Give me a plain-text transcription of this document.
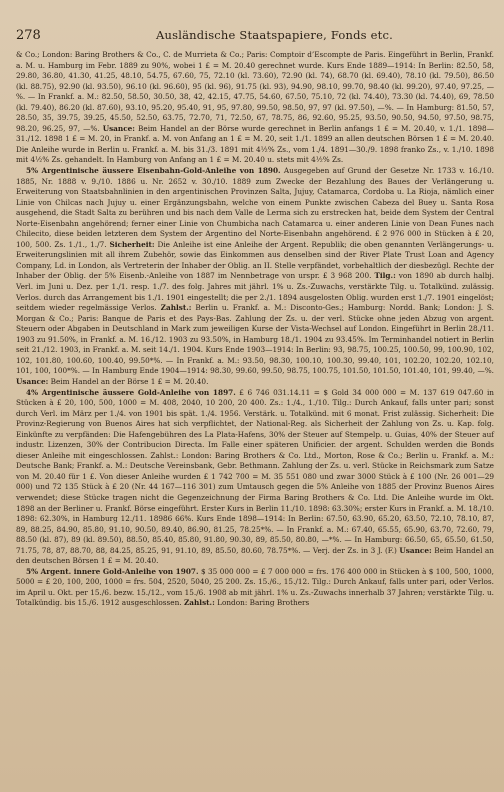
278	Ausländische Staatspapiere, Fonds etc.

& Co.; London: Baring Brothers & Co., C. de Murrieta & Co.; Paris: Comptoir d’Escompte de Paris. Eingeführt in Berlin, Frankf. a. M. u. Hamburg im Febr. 1889 zu 90%, wobei 1 £ = M. 20.40 gerechnet wurde. Kurs Ende 1889—1914: In Berlin: 82.50, 58, 29.80, 36.80, 41.30, 41.25, 48.10, 54.75, 67.60, 75, 72.10 (kl. 73.60), 72.90 (kl. 74), 68.70 (kl. 69.40), 78.10 (kl. 79.50), 86.50 (kl. 88.75), 92.90 (kl. 93.50), 96.10 (kl. 96.60), 95 (kl. 96), 91.75 (kl. 93), 94.90, 98.10, 99.70, 98.40 (kl. 99.20), 97.40, 97.25, —%. — In Frankf. a. M.: 82.50, 58.50, 30.50, 38, 42, 42.15, 47.75, 54.60, 67.50, 75.10, 72 (kl. 74.40), 73.30 (kl. 74.40), 69, 78.50 (kl. 79.40), 86.20 (kl. 87.60), 93.10, 95.20, 95.40, 91, 95, 97.80, 99.50, 98.50, 97, 97 (kl. 97.50), —%. — In Hamburg: 81.50, 57, 28.50, 35, 39.75, 39.25, 45.50, 52.50, 63.75, 72.70, 71, 72.50, 67, 78.75, 86, 92.60, 95.25, 93.50, 90.50, 94.50, 97.50, 98.75, 98.20, 96.25, 97, —%. Usance: Beim Handel an der Börse wurde gerechnet in Berlin anfangs 1 £ = M. 20.40, v. 1./1. 1898—31./12. 1898 1 £ = M. 20, in Frankf. a. M. von Anfang an 1 £ = M. 20, seit 1./1. 1899 an allen deutschen Börsen 1 £ = M. 20.40. Die Anleihe wurde in Berlin u. Frankf. a. M. bis 31./3. 1891 mit 4½% Zs., vom 1./4. 1891—30./9. 1898 franko Zs., v. 1./10. 1898 mit 4½% Zs. gehandelt. In Hamburg von Anfang an 1 £ = M. 20.40 u. stets mit 4½% Zs.

5% Argentinische äussere Eisenbahn-Gold-Anleihe von 1890. Ausgegeben auf Grund der Gesetze Nr. 1733 v. 16./10. 1885, Nr. 1888 v. 9./10. 1886 u. Nr. 2652 v. 30./10. 1889 zum Zwecke der Bezahlung des Baues der Verlängerung u. Erweiterung von Staatsbahnlinien in den argentinischen Provinzen Salta, Jujuy, Catamarca, Cordoba u. La Rioja, nämlich einer Linie von Chilcas nach Jujuy u. einer Ergänzungsbahn, welche von einem Punkte zwischen Cabeza del Buey u. Santa Rosa ausgehend, die Stadt Salta zu berühren und bis nach dem Valle de Lerma sich zu erstrecken hat, beide dem System der Central Norte-Eisenbahn angehörend; ferner einer Linie von Chumbicha nach Catamarca u. einer anderen Linie von Dean Funes nach Chilecito, diese beiden letzteren dem System der Argentino del Norte-Eisenbahn angehörend. £ 2 976 000 in Stücken à £ 20, 100, 500. Zs. 1./1., 1./7. Sicherheit: Die Anleihe ist eine Anleihe der Argent. Republik; die oben genannten Verlängerungs- u. Erweiterungslinien mit all ihrem Zubehör, sowie das Einkommen aus denselben sind der River Plate Trust Loan and Agency Company, Ld. in London, als Vertreterin der Inhaber der Oblig. an II. Stelle verpfändet, vorbehaltlich der diesbezügl. Rechte der Inhaber der Oblig. der 5% Eisenb.-Anleihe von 1887 im Nennbetrage von urspr. £ 3 968 200. Tilg.: von 1890 ab durch halbj. Verl. im Juni u. Dez. per 1./1. resp. 1./7. des folg. Jahres mit jährl. 1% u. Zs.-Zuwachs, verstärkte Tilg. u. Totalkünd. zulässig. Verlos. durch das Arrangement bis 1./1. 1901 eingestellt; die per 2./1. 1894 ausgelosten Oblig. wurden erst 1./7. 1901 eingelöst; seitdem wieder regelmässige Verlos. Zahlst.: Berlin u. Frankf. a. M.: Disconto-Ges.; Hamburg: Nordd. Bank; London: J. S. Morgan & Co.; Paris: Banque de Paris et des Pays-Bas. Zahlung der Zs. u. der verl. Stücke ohne jeden Abzug von argent. Steuern oder Abgaben in Deutschland in Mark zum jeweiligen Kurse der Vista-Wechsel auf London. Eingeführt in Berlin 28./11. 1903 zu 91.50%, in Frankf. a. M. 16./12. 1903 zu 93.50%, in Hamburg 18./1. 1904 zu 93.45%. Im Terminhandel notiert in Berlin seit 21./12. 1903, in Frankf. a. M. seit 14./1. 1904. Kurs Ende 1903—1914: In Berlin: 93, 98.75, 100.25, 100.50, 99, 100.90, 102, 102, 101.80, 100.60, 100.40, 99.50*%. — In Frankf. a. M.: 93.50, 98.30, 100.10, 100.30, 99.40, 101, 102.20, 102.20, 102.10, 101, 100, 100*%. — In Hamburg Ende 1904—1914: 98.30, 99.60, 99.50, 98.75, 100.75, 101.50, 101.50, 101.40, 101, 99.40, —%. Usance: Beim Handel an der Börse 1 £ = M. 20.40.

4% Argentinische äussere Gold-Anleihe von 1897. £ 6 746 031.14.11 = $ Gold 34 000 000 = M. 137 619 047.60 in Stücken à £ 20, 100, 500, 1000 = M. 408, 2040, 10 200, 20 400. Zs.: 1./4., 1./10. Tilg.: Durch Ankauf, falls unter pari; sonst durch Verl. im März per 1./4. von 1901 bis spät. 1./4. 1956. Verstärk. u. Totalkünd. mit 6 monat. Frist zulässig. Sicherheit: Die Provinz-Regierung von Buenos Aires hat sich verpflichtet, der National-Reg. als Sicherheit der Zahlung von Zs. u. Kap. folg. Einkünfte zu verpfänden: Die Hafengebühren des La Plata-Hafens, 30% der Steuer auf Stempelp. u. Guias, 40% der Steuer auf industr. Lizenzen, 30% der Contribucion Directa. Im Falle einer späteren Unificier. der argent. Schulden werden die Bonds dieser Anleihe mit eingeschlossen. Zahlst.: London: Baring Brothers & Co. Ltd., Morton, Rose & Co.; Berlin u. Frankf. a. M.: Deutsche Bank; Frankf. a. M.: Deutsche Vereinsbank, Gebr. Bethmann. Zahlung der Zs. u. verl. Stücke in Reichsmark zum Satze von M. 20.40 für 1 £. Von dieser Anleihe wurden £ 1 742 700 = M. 35 551 080 und zwar 3000 Stück à £ 100 (Nr. 26 001—29 000) und 72 135 Stück à £ 20 (Nr. 44 167—116 301) zum Umtausch gegen die 5% Anleihe von 1885 der Provinz Buenos Aires verwendet; diese Stücke tragen nicht die Gegenzeichnung der Firma Baring Brothers & Co. Ltd. Die Anleihe wurde im Okt. 1898 an der Berliner u. Frankf. Börse eingeführt. Erster Kurs in Berlin 11./10. 1898: 63.30%; erster Kurs in Frankf. a. M. 18./10. 1898: 62.30%, in Hamburg 12./11. 18986 66%. Kurs Ende 1898—1914: In Berlin: 67.50, 63.90, 65.20, 63.50, 72.10, 78.10, 87, 89, 88.25, 84.90, 85.80, 91.10, 90.50, 89.40, 86.90, 81.25, 78.25*%. — In Frankf. a. M.: 67.40, 65.55, 65.90, 63.70, 72.60, 79, 88.50 (kl. 87), 89 (kl. 89.50), 88.50, 85.40, 85.80, 91.80, 90.30, 89, 85.50, 80.80, —*%. — In Hamburg: 66.50, 65, 65.50, 61.50, 71.75, 78, 87, 88.70, 88, 84.25, 85.25, 91, 91.10, 89, 85.50, 80.60, 78.75*%. — Verj. der Zs. in 3 J. (F.) Usance: Beim Handel an den deutschen Börsen 1 £ = M. 20.40.

5% Argent. innere Gold-Anleihe von 1907. $ 35 000 000 = £ 7 000 000 = frs. 176 400 000 in Stücken à $ 100, 500, 1000, 5000 = £ 20, 100, 200, 1000 = frs. 504, 2520, 5040, 25 200. Zs. 15./6., 15./12. Tilg.: Durch Ankauf, falls unter pari, oder Verlos. im April u. Okt. per 15./6. bezw. 15./12., vom 15./6. 1908 ab mit jährl. 1% u. Zs.-Zuwachs innerhalb 37 Jahren; verstärkte Tilg. u. Totalkündig. bis 15./6. 1912 ausgeschlossen. Zahlst.: London: Baring Brothers
